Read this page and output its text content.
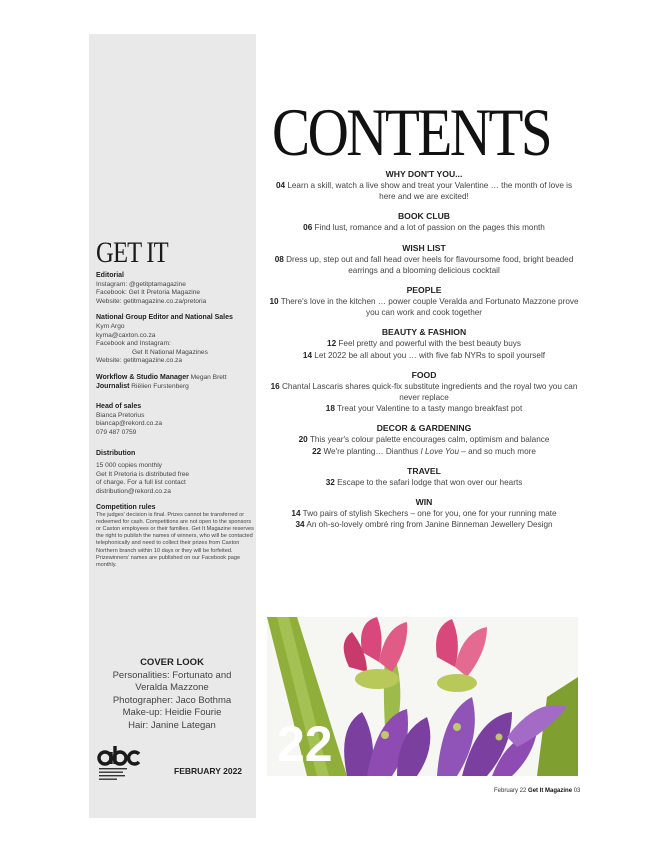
GET IT
Editorial
Instagram: @getitptamagazine
Facebook: Get It Pretoria Magazine
Website: getitmagazine.co.za/pretoria
National Group Editor and National Sales
Kym Argo
kyma@caxton.co.za
Facebook and Instagram:
Get It National Magazines
Website: getitmagazine.co.za
Workflow & Studio Manager Megan Brett
Journalist Riëlien Furstenberg
Head of sales
Bianca Pretorius
biancap@rekord.co.za
079 487 0759
Distribution
15 000 copies monthly
Get It Pretoria is distributed free
of charge. For a full list contact
distribution@rekord.co.za
Competition rules
The judges' decision is final. Prizes cannot be transferred or redeemed for cash. Competitions are not open to the sponsors or Caxton employees or their families. Get It Magazine reserves the right to publish the names of winners, who will be contacted telephonically and need to collect their prizes from Caxton Northern branch within 10 days or they will be forfeited. Prizewinners' names are published on our Facebook page monthly.
COVER LOOK
Personalities: Fortunato and
Veralda Mazzone
Photographer: Jaco Bothma
Make-up: Heidie Fourie
Hair: Janine Lategan
FEBRUARY 2022
CONTENTS
WHY DON'T YOU...
04 Learn a skill, watch a live show and treat your Valentine … the month of love is here and we are excited!
BOOK CLUB
06 Find lust, romance and a lot of passion on the pages this month
WISH LIST
08 Dress up, step out and fall head over heels for flavoursome food, bright beaded earrings and a blooming delicious cocktail
PEOPLE
10 There's love in the kitchen … power couple Veralda and Fortunato Mazzone prove you can work and cook together
BEAUTY & FASHION
12 Feel pretty and powerful with the best beauty buys
14 Let 2022 be all about you … with five fab NYRs to spoil yourself
FOOD
16 Chantal Lascaris shares quick-fix substitute ingredients and the royal two you can never replace
18 Treat your Valentine to a tasty mango breakfast pot
DECOR & GARDENING
20 This year's colour palette encourages calm, optimism and balance
22 We're planting… Dianthus I Love You – and so much more
TRAVEL
32 Escape to the safari lodge that won over our hearts
WIN
14 Two pairs of stylish Skechers – one for you, one for your running mate
34 An oh-so-lovely ombré ring from Janine Binneman Jewellery Design
22
February 22 Get It Magazine 03
